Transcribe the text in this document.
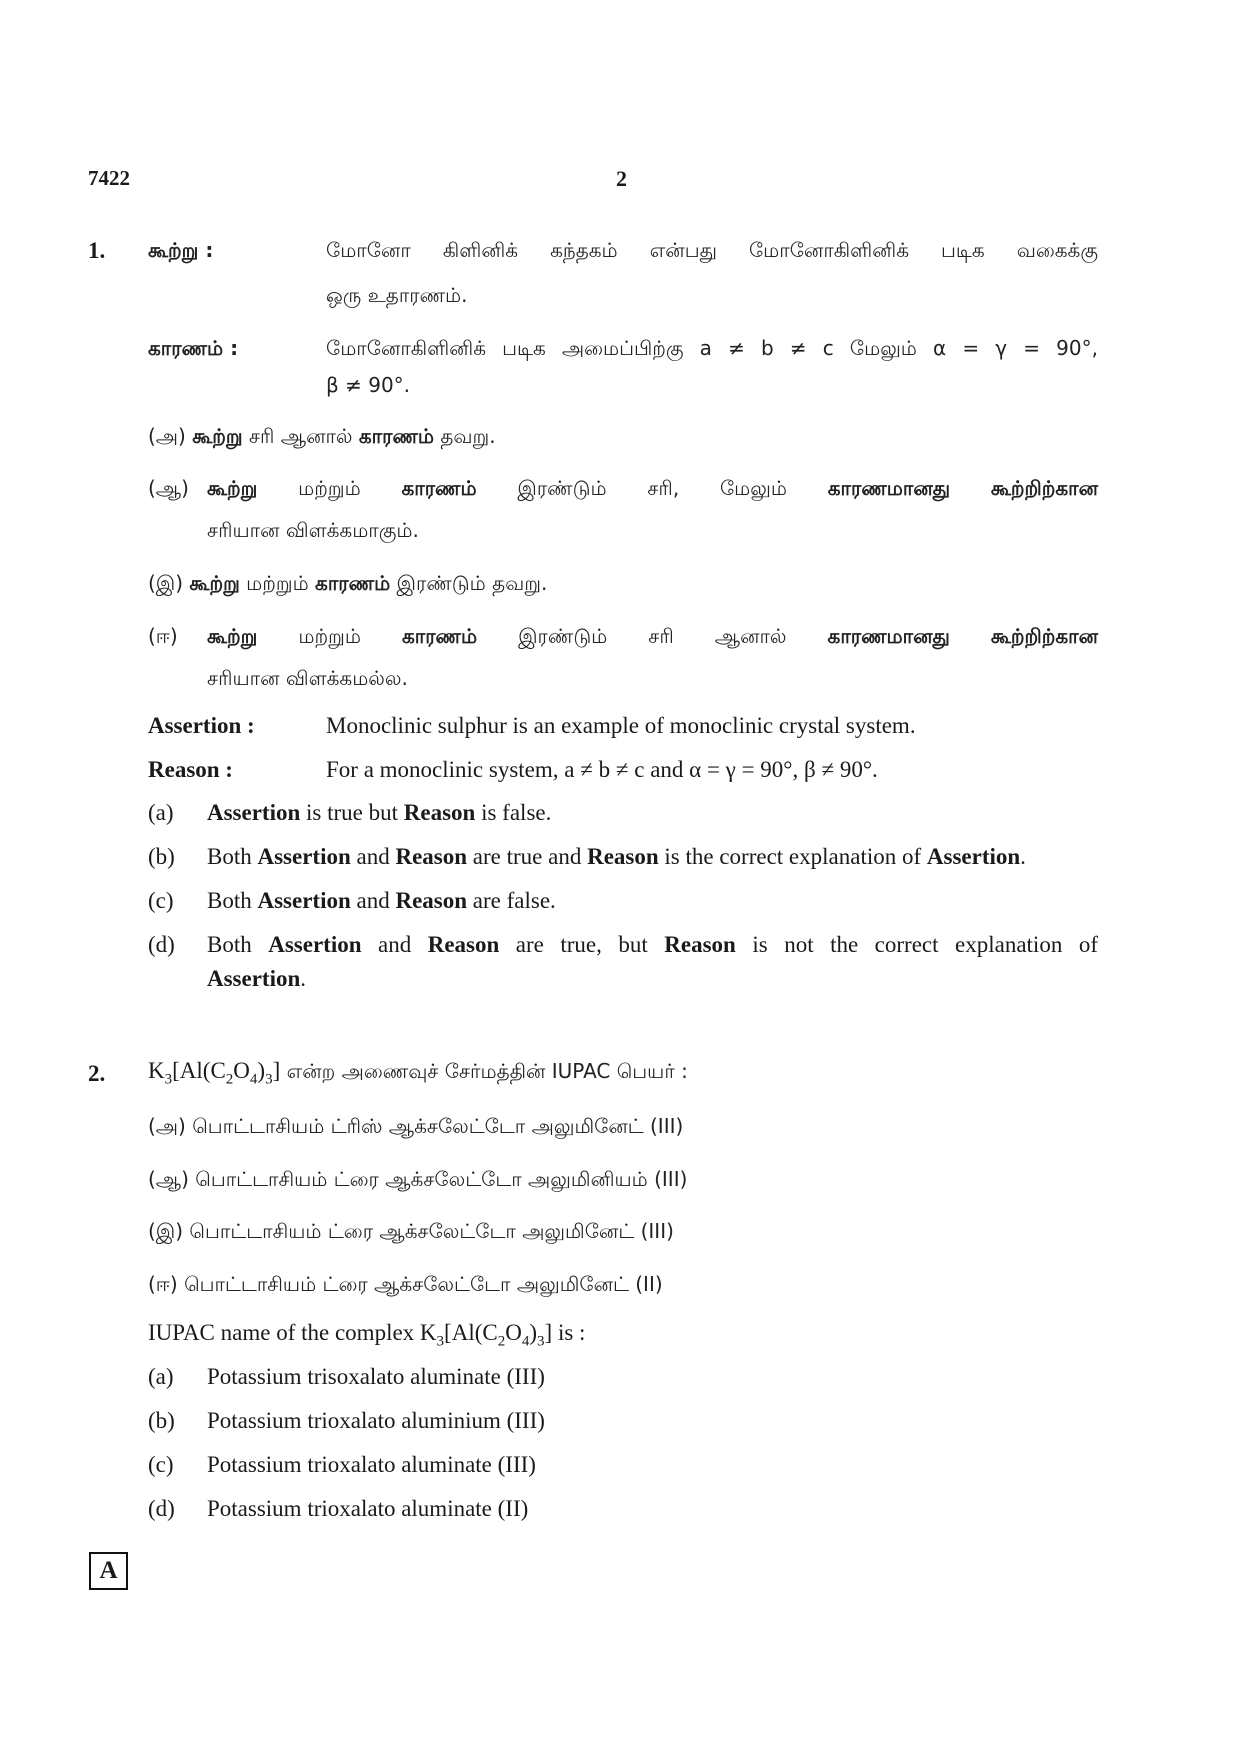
7422	2
1. கூற்று :	மோனோ கிளினிக் கந்தகம் என்பது மோனோகிளினிக் படிக வகைக்கு
ஒரு உதாரணம்.
காரணம் :	மோனோகிளினிக் படிக அமைப்பிற்கு a ≠ b ≠ c மேலும் α = γ = 90°,
β ≠ 90°.
(அ) கூற்று சரி ஆனால் காரணம் தவறு.
(ஆ) கூற்று மற்றும் காரணம் இரண்டும் சரி, மேலும் காரணமானது கூற்றிற்கான
சரியான விளக்கமாகும்.
(இ) கூற்று மற்றும் காரணம் இரண்டும் தவறு.
(ஈ) கூற்று மற்றும் காரணம் இரண்டும் சரி ஆனால் காரணமானது கூற்றிற்கான
சரியான விளக்கமல்ல.
Assertion :	Monoclinic sulphur is an example of monoclinic crystal system.
Reason :	For a monoclinic system, a ≠ b ≠ c and α = γ = 90°, β ≠ 90°.
(a) Assertion is true but Reason is false.
(b) Both Assertion and Reason are true and Reason is the correct explanation of Assertion.
(c) Both Assertion and Reason are false.
(d) Both Assertion and Reason are true, but Reason is not the correct explanation of
Assertion.
2. $K_3[Al(C_2O_4)_3]$ என்ற அணைவுச் சேர்மத்தின் IUPAC பெயர் :
(அ) பொட்டாசியம் ட்ரிஸ் ஆக்சலேட்டோ அலுமினேட் (III)
(ஆ) பொட்டாசியம் ட்ரை ஆக்சலேட்டோ அலுமினியம் (III)
(இ) பொட்டாசியம் ட்ரை ஆக்சலேட்டோ அலுமினேட் (III)
(ஈ) பொட்டாசியம் ட்ரை ஆக்சலேட்டோ அலுமினேட் (II)
IUPAC name of the complex $K_3[Al(C_2O_4)_3]$ is :
(a) Potassium trisoxalato aluminate (III)
(b) Potassium trioxalato aluminium (III)
(c) Potassium trioxalato aluminate (III)
(d) Potassium trioxalato aluminate (II)
A
